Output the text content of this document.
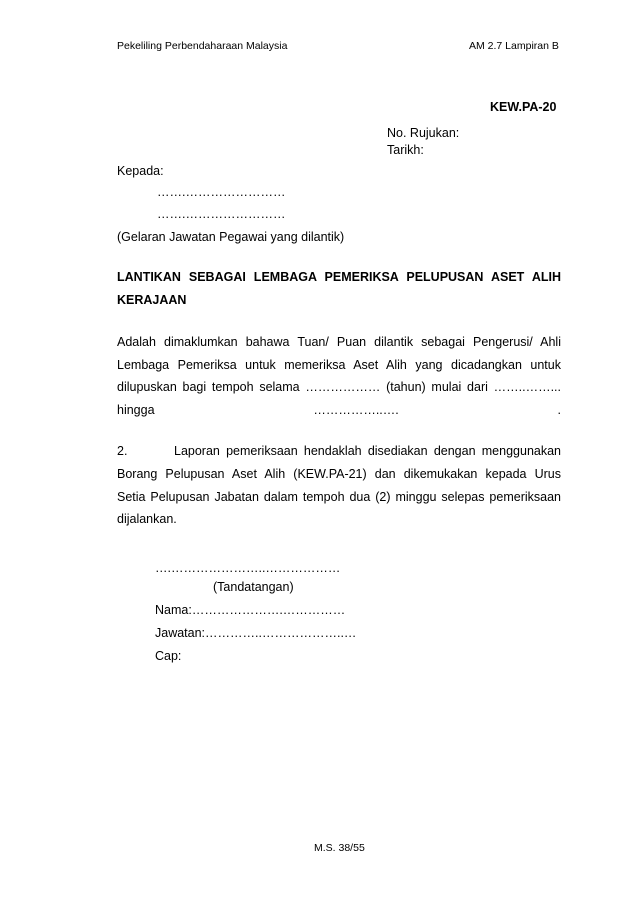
Pekeliling Perbendaharaan Malaysia	AM 2.7 Lampiran B
KEW.PA-20
No. Rujukan:
Tarikh:
Kepada:
…….……………………
…….……………………
(Gelaran Jawatan Pegawai yang dilantik)
LANTIKAN SEBAGAI LEMBAGA PEMERIKSA PELUPUSAN ASET ALIH
KERAJAAN
Adalah dimaklumkan bahawa Tuan/ Puan dilantik sebagai Pengerusi/ Ahli
Lembaga Pemeriksa untuk memeriksa Aset Alih yang dicadangkan untuk
dilupuskan bagi tempoh selama ……………… (tahun) mulai dari ……..……...
hingga ……………..…. .
2.	Laporan pemeriksaan hendaklah disediakan dengan menggunakan
Borang Pelupusan Aset Alih (KEW.PA-21) dan dikemukakan kepada Urus
Setia Pelupusan Jabatan dalam tempoh dua (2) minggu selepas pemeriksaan
dijalankan.
….…………………..………………
(Tandatangan)
Nama:………………….……………
Jawatan:…………..………………..…
Cap:
M.S. 38/55
